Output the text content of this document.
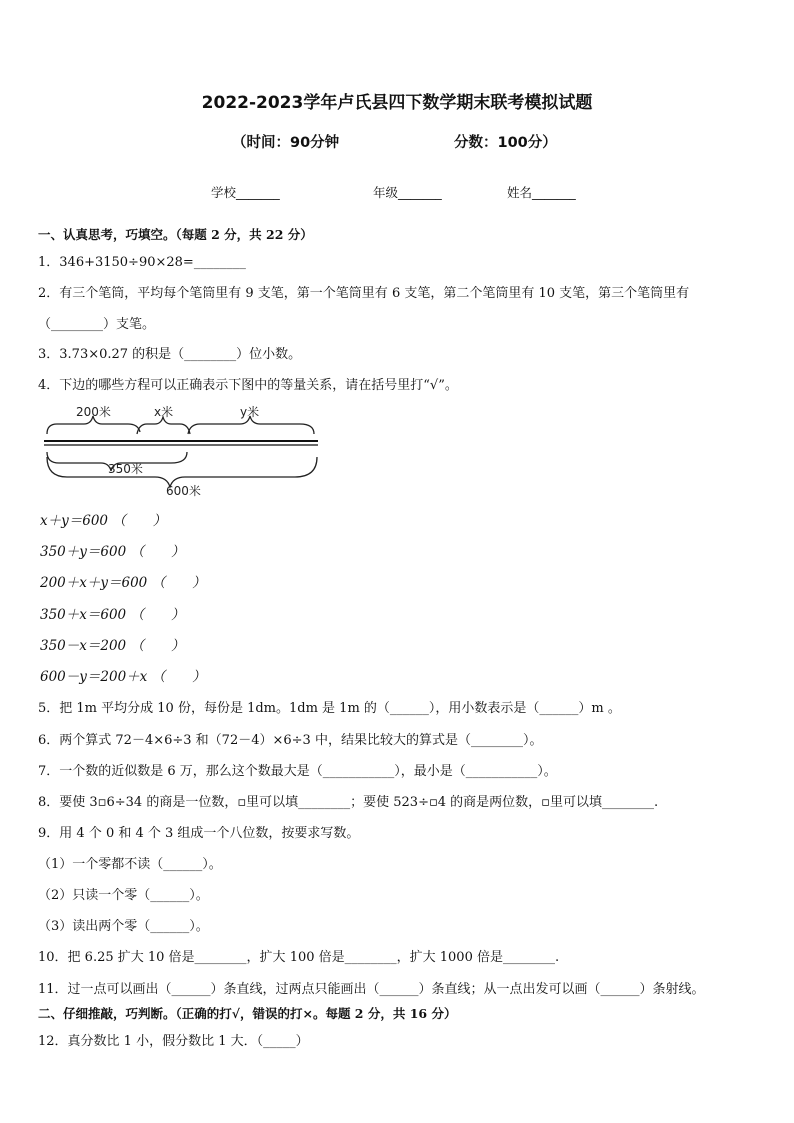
2022-2023学年卢氏县四下数学期末联考模拟试题
（时间：90分钟	分数：100分）
学校_______	年级_______	姓名_______
一、认真思考，巧填空。（每题 2 分，共 22 分）
1．346+3150÷90×28=________
2．有三个笔筒，平均每个笔筒里有 9 支笔，第一个笔筒里有 6 支笔，第二个笔筒里有 10 支笔，第三个笔筒里有
（________）支笔。
3．3.73×0.27 的积是（________）位小数。
4．下边的哪些方程可以正确表示下图中的等量关系，请在括号里打“√”。
200米	x米	y米
350米
600米
x＋y＝600 （　　）
350＋y＝600 （　　）
200＋x＋y＝600 （　　）
350＋x＝600 （　　）
350－x＝200 （　　）
600－y＝200＋x （　　）
5．把 1m 平均分成 10 份，每份是 1dm。1dm 是 1m 的（______），用小数表示是（______）m 。
6．两个算式 72－4×6÷3 和（72－4）×6÷3 中，结果比较大的算式是（________）。
7．一个数的近似数是 6 万，那么这个数最大是（___________），最小是（___________）。
8．要使 3▫6÷34 的商是一位数，▫里可以填________；要使 523÷▫4 的商是两位数，▫里可以填________.
9．用 4 个 0 和 4 个 3 组成一个八位数，按要求写数。
（1）一个零都不读（______）。
（2）只读一个零（______）。
（3）读出两个零（______）。
10．把 6.25 扩大 10 倍是________，扩大 100 倍是________，扩大 1000 倍是________.
11．过一点可以画出（______）条直线，过两点只能画出（______）条直线；从一点出发可以画（______）条射线。
二、仔细推敲，巧判断。（正确的打√，错误的打×。每题 2 分，共 16 分）
12．真分数比 1 小，假分数比 1 大．（_____）
